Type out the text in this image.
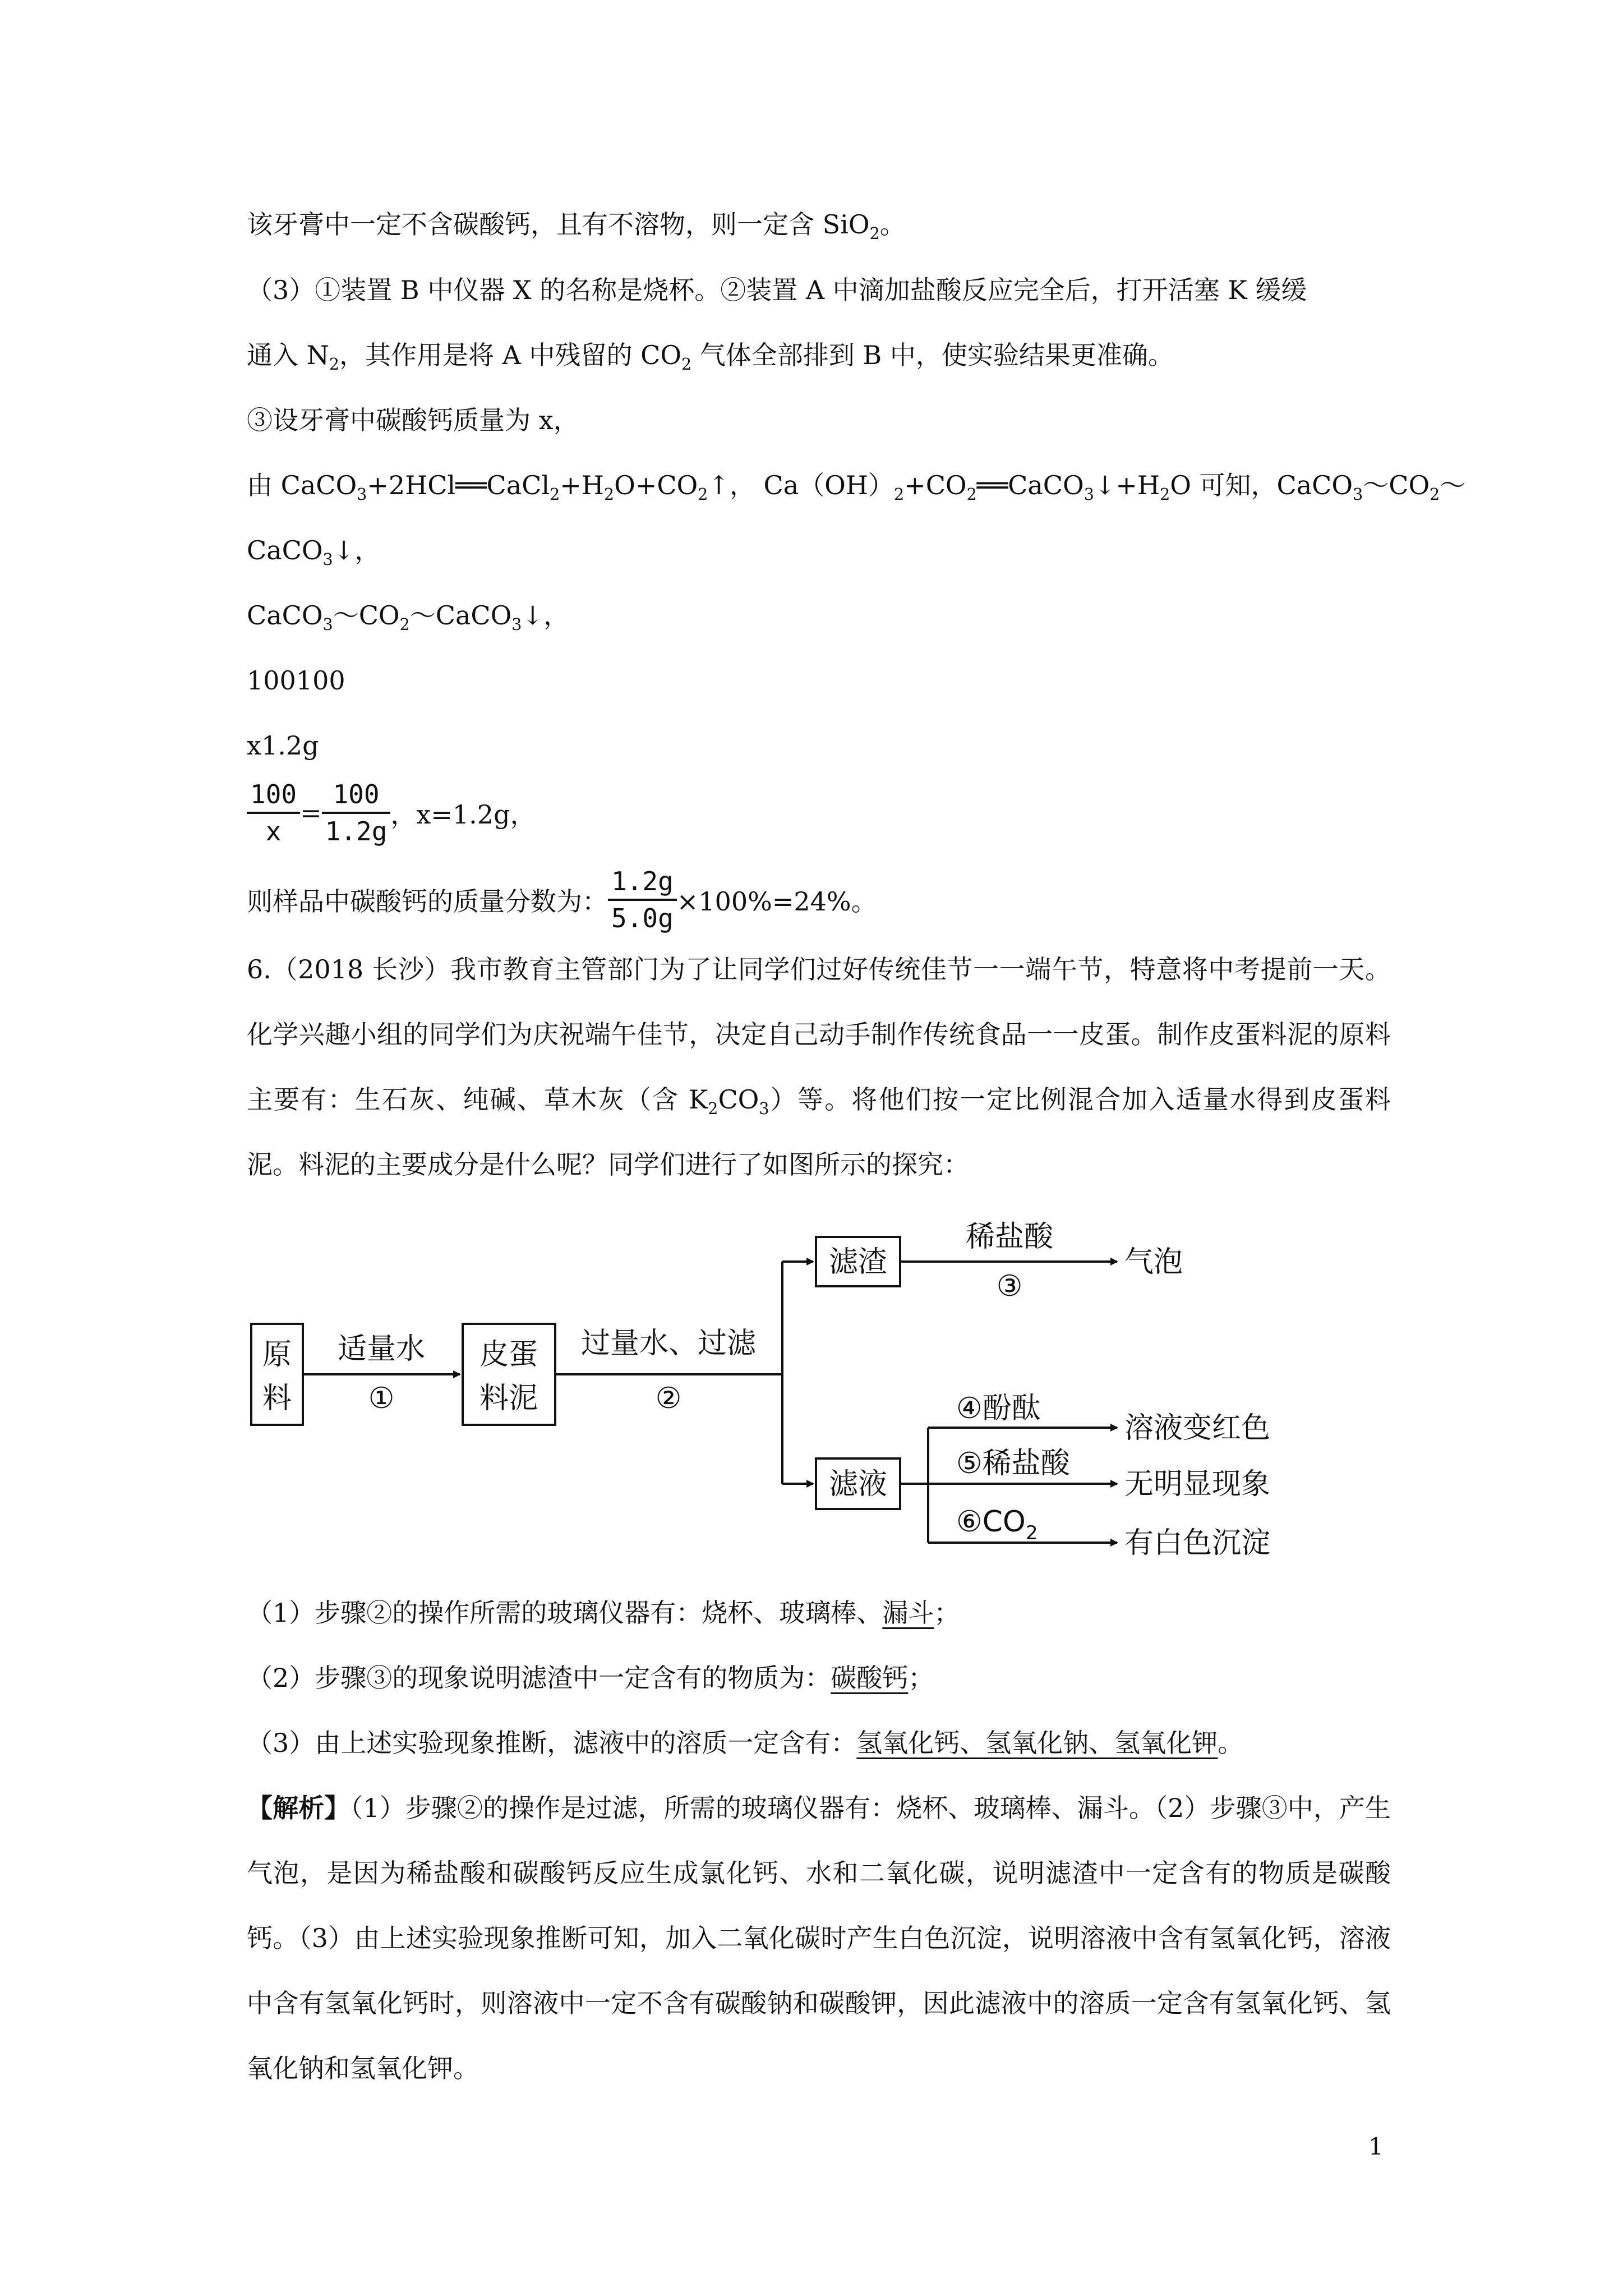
该牙膏中一定不含碳酸钙，且有不溶物，则一定含 SiO$_2$。
（3）①装置 B 中仪器 X 的名称是烧杯。②装置 A 中滴加盐酸反应完全后，打开活塞 K 缓缓
通入 $N_2$，其作用是将 A 中残留的 $CO_2$ 气体全部排到 B 中，使实验结果更准确。
③设牙膏中碳酸钙质量为 x，
由 $CaCO_3+2HCl══CaCl_2+H_2O+CO_2↑$， $Ca(OH)_2+CO_2══CaCO_3↓+H_2O$ 可知，$CaCO_3\sim CO_2\sim$
CaCO$_3$↓，
$CaCO_3\sim CO_2\sim CaCO_3↓$，
100100
x1.2g
$\frac{100}{x} = \frac{100}{1.2g}$ ，x=1.2g，
则样品中碳酸钙的质量分数为： $\frac{1.2g}{5.0g} \times 100\%=24\%$。
6.（2018 长沙）我市教育主管部门为了让同学们过好传统佳节一一端午节，特意将中考提前一天。化学兴趣小组的同学们为庆祝端午佳节，决定自己动手制作传统食品一一皮蛋。制作皮蛋料泥的原料主要有：生石灰、纯碱、草木灰（含 $K_2CO_3$）等。将他们按一定比例混合加入适量水得到皮蛋料泥。料泥的主要成分是什么呢？同学们进行了如图所示的探究：
原
料
适量水
①
皮蛋
料泥
过量水、过滤
②
滤渣
稀盐酸
③
气泡
滤液
④酚酞
溶液变红色
⑤稀盐酸
无明显现象
$⑥CO_2$	有白色沉淀
（1）步骤②的操作所需的玻璃仪器有：烧杯、玻璃棒、漏斗；
（2）步骤③的现象说明滤渣中一定含有的物质为：碳酸钙；
（3）由上述实验现象推断，滤液中的溶质一定含有：氢氧化钙、氢氧化钠、氢氧化钾。
【解析】（1）步骤②的操作是过滤，所需的玻璃仪器有：烧杯、玻璃棒、漏斗。（2）步骤③中，产生气泡，是因为稀盐酸和碳酸钙反应生成氯化钙、水和二氧化碳，说明滤渣中一定含有的物质是碳酸钙。（3）由上述实验现象推断可知，加入二氧化碳时产生白色沉淀，说明溶液中含有氢氧化钙，溶液中含有氢氧化钙时，则溶液中一定不含有碳酸钠和碳酸钾，因此滤液中的溶质一定含有氢氧化钙、氢氧化钠和氢氧化钾。
1
